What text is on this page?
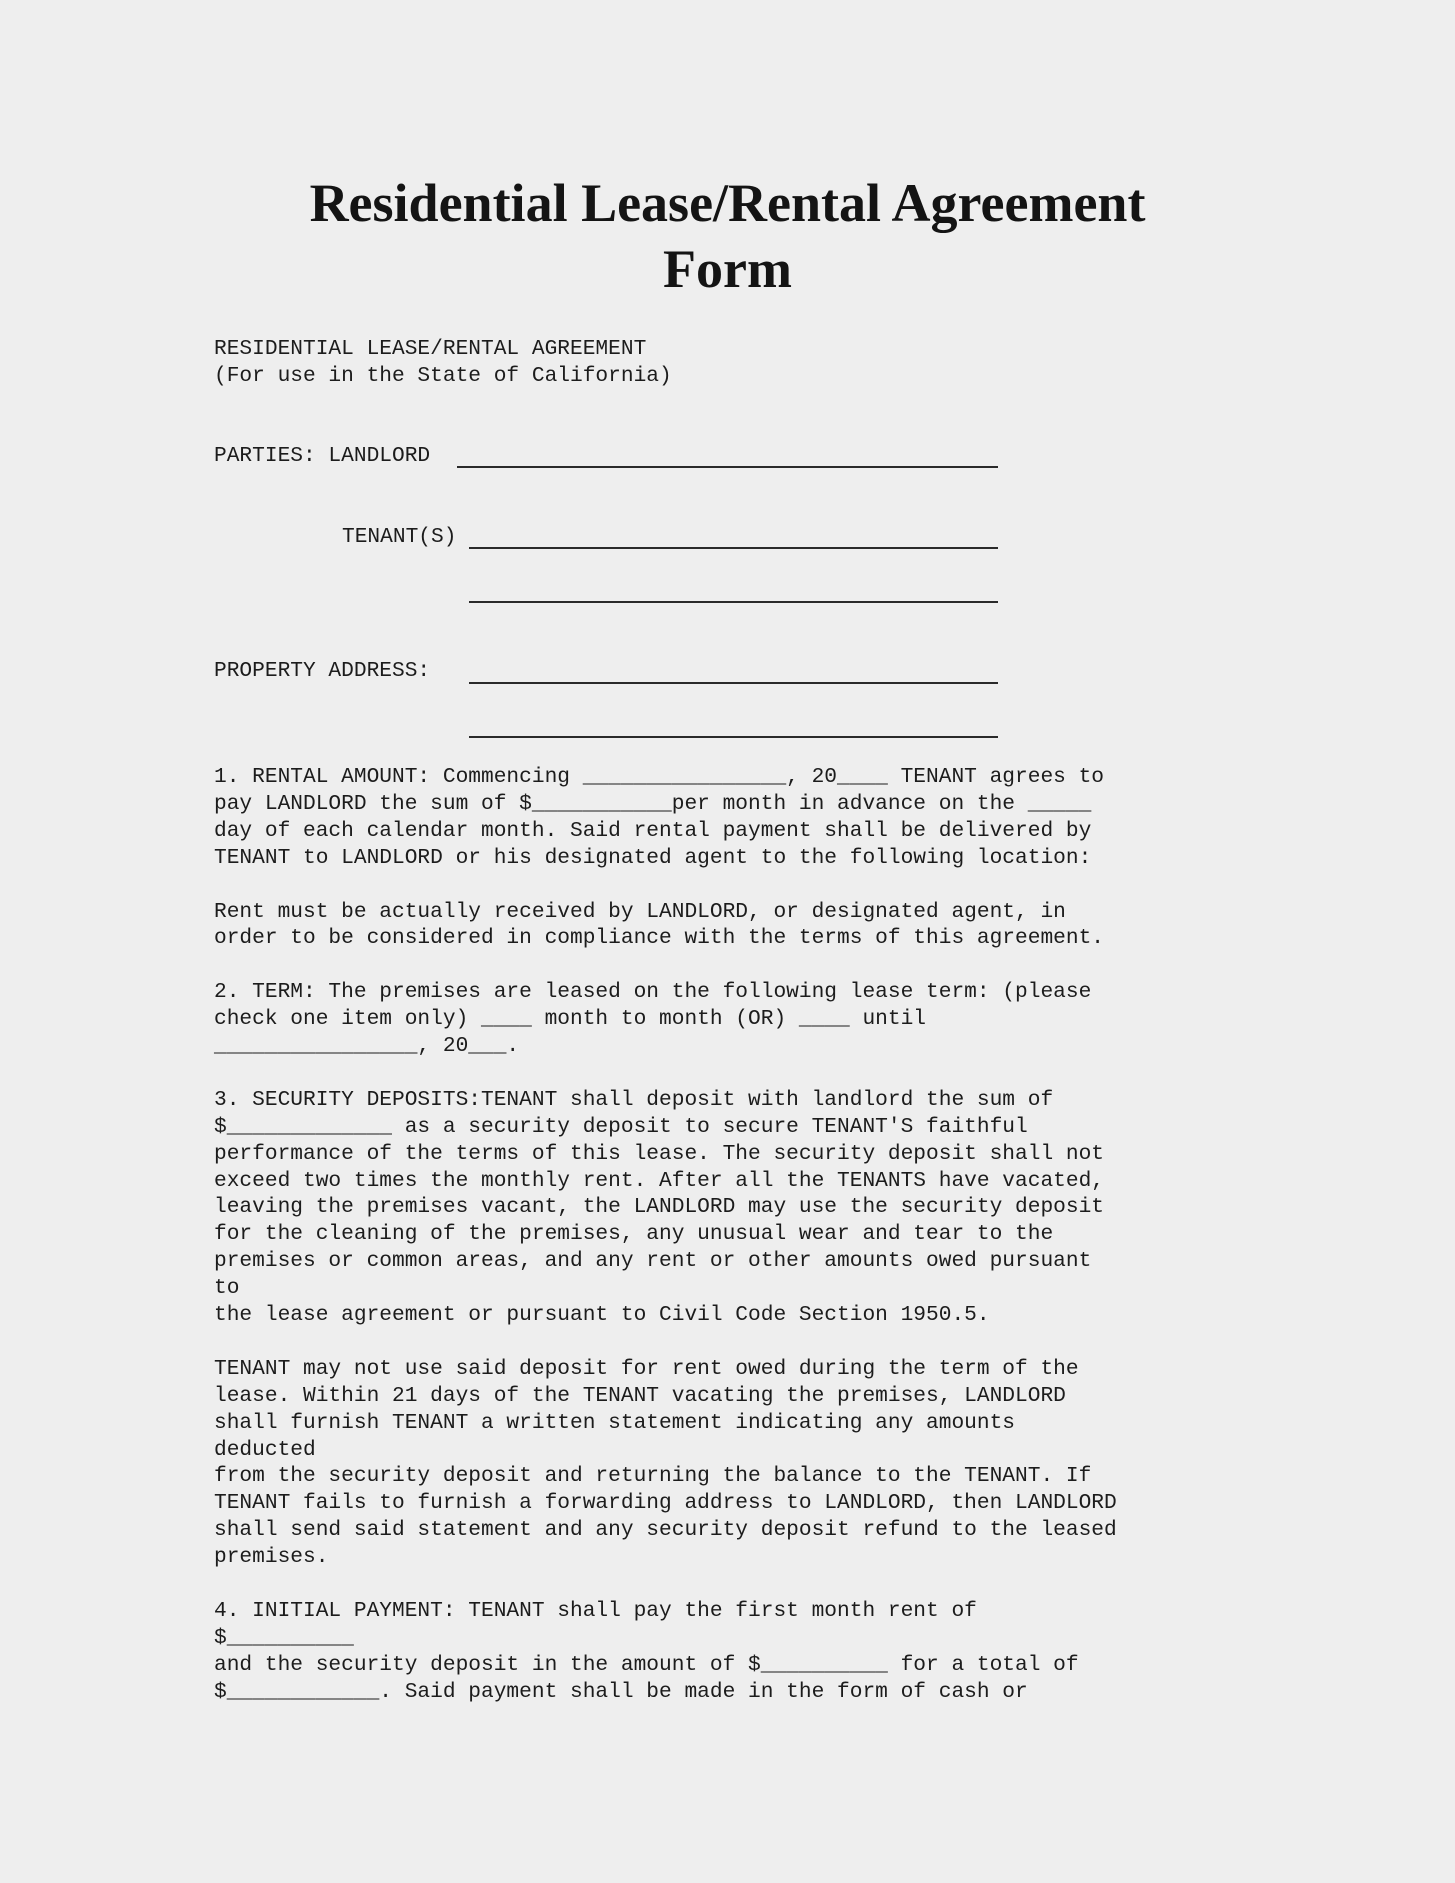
Residential Lease/Rental Agreement
Form
RESIDENTIAL LEASE/RENTAL AGREEMENT
(For use in the State of California)
PARTIES: LANDLORD
TENANT(S)
PROPERTY ADDRESS:
1. RENTAL AMOUNT: Commencing ________________, 20____ TENANT agrees to
pay LANDLORD the sum of $___________per month in advance on the _____
day of each calendar month. Said rental payment shall be delivered by
TENANT to LANDLORD or his designated agent to the following location:
Rent must be actually received by LANDLORD, or designated agent, in
order to be considered in compliance with the terms of this agreement.
2. TERM: The premises are leased on the following lease term: (please
check one item only) ____ month to month (OR) ____ until
________________, 20___.
3. SECURITY DEPOSITS:TENANT shall deposit with landlord the sum of
$_____________ as a security deposit to secure TENANT'S faithful
performance of the terms of this lease. The security deposit shall not
exceed two times the monthly rent. After all the TENANTS have vacated,
leaving the premises vacant, the LANDLORD may use the security deposit
for the cleaning of the premises, any unusual wear and tear to the
premises or common areas, and any rent or other amounts owed pursuant
to
the lease agreement or pursuant to Civil Code Section 1950.5.
TENANT may not use said deposit for rent owed during the term of the
lease. Within 21 days of the TENANT vacating the premises, LANDLORD
shall furnish TENANT a written statement indicating any amounts
deducted
from the security deposit and returning the balance to the TENANT. If
TENANT fails to furnish a forwarding address to LANDLORD, then LANDLORD
shall send said statement and any security deposit refund to the leased
premises.
4. INITIAL PAYMENT: TENANT shall pay the first month rent of
$__________
and the security deposit in the amount of $__________ for a total of
$____________. Said payment shall be made in the form of cash or
